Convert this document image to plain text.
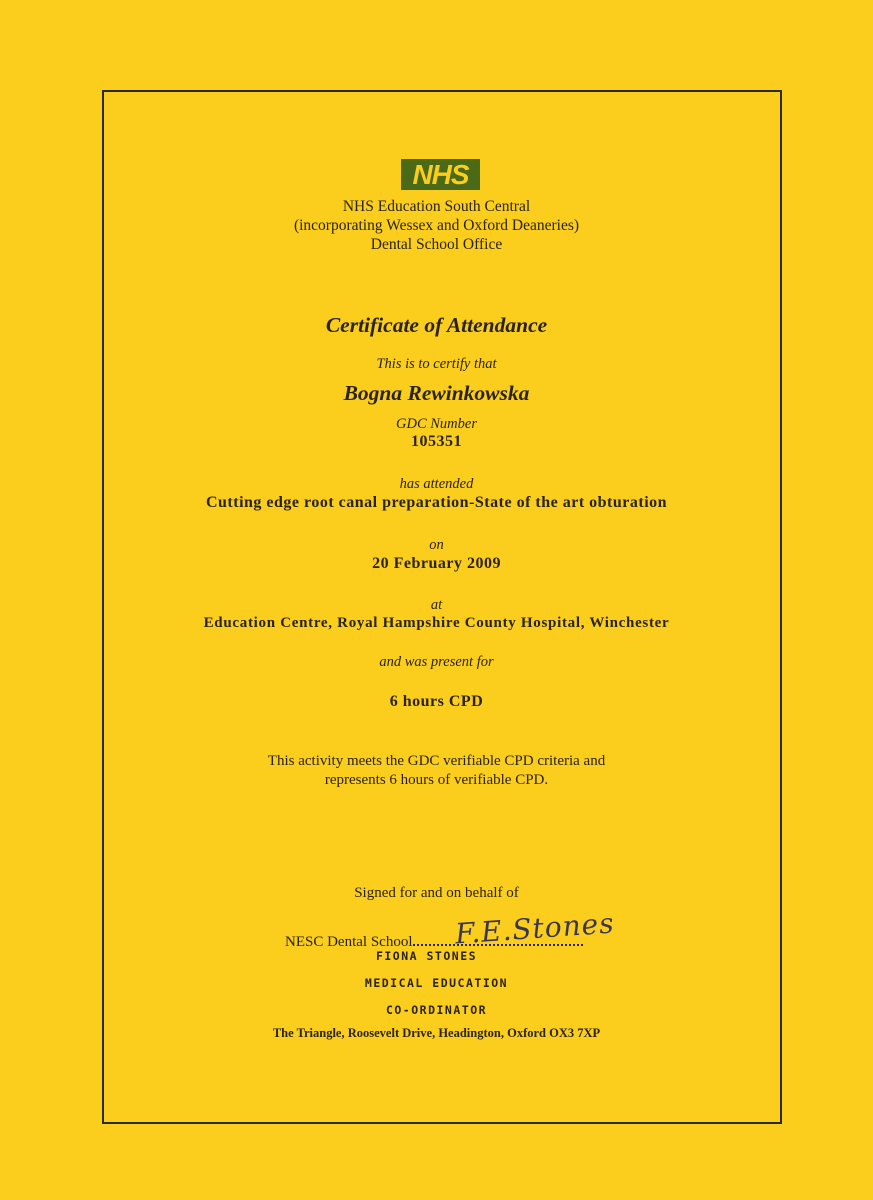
NHS
NHS Education South Central
(incorporating Wessex and Oxford Deaneries)
Dental School Office
Certificate of Attendance
This is to certify that
Bogna Rewinkowska
GDC Number
105351
has attended
Cutting edge root canal preparation-State of the art obturation
on
20 February 2009
at
Education Centre, Royal Hampshire County Hospital, Winchester
and was present for
6 hours CPD
This activity meets the GDC verifiable CPD criteria and
represents 6 hours of verifiable CPD.
Signed for and on behalf of
NESC Dental School	F.E.Stones
FIONA STONES
MEDICAL EDUCATION
CO-ORDINATOR
The Triangle, Roosevelt Drive, Headington, Oxford OX3 7XP
